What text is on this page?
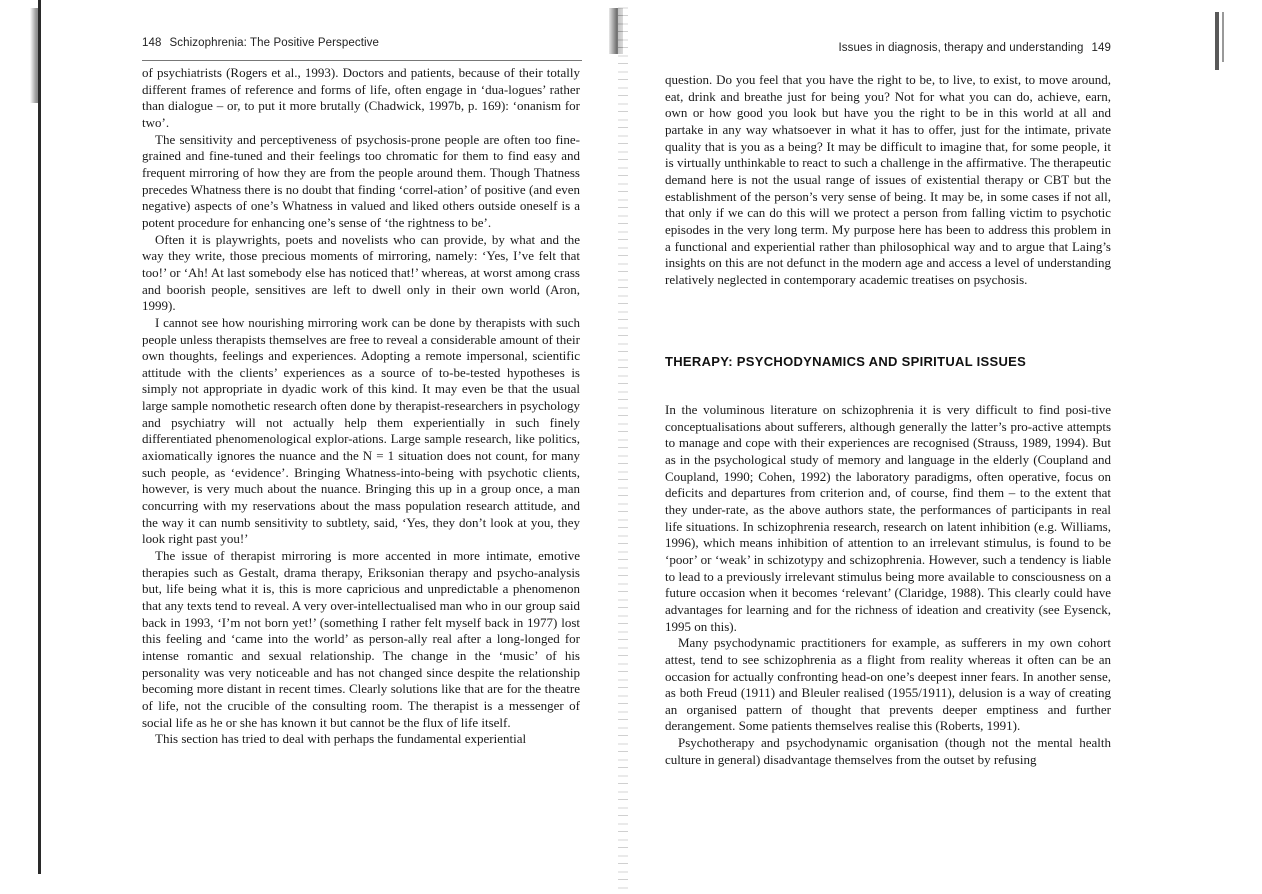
148 Schizophrenia: The Positive Perspective

of psychiatrists (Rogers et al., 1993). Doctors and patients, because of their totally different frames of reference and forms of life, often engage in ‘dua-logues’ rather than dialogue – or, to put it more brutally (Chadwick, 1997b, p. 169): ‘onanism for two’.

The sensitivity and perceptiveness of psychosis-prone people are often too fine-grained and fine-tuned and their feelings too chromatic for them to find easy and frequent mirroring of how they are from the people around them. Though Thatness precedes Whatness there is no doubt that finding ‘correl-ation’ of positive (and even negative) aspects of one’s Whatness in valued and liked others outside oneself is a potent procedure for enhancing one’s sense of ‘the rightness to be’.

Often it is playwrights, poets and novelists who can provide, by what and the way they write, those precious moments of mirroring, namely: ‘Yes, I’ve felt that too!’ or ‘Ah! At last somebody else has noticed that!’ whereas, at worst among crass and boorish people, sensitives are left to dwell only in their own world (Aron, 1999).

I cannot see how nourishing mirroring work can be done by therapists with such people unless therapists themselves are free to reveal a considerable amount of their own thoughts, feelings and experiences. Adopting a remote impersonal, scientific attitude with the clients’ experiences as a source of to-be-tested hypotheses is simply not appropriate in dyadic work of this kind. It may even be that the usual large sample nomothetic research often done by therapist-researchers in psychology and psychiatry will not actually help them experientially in such finely differentiated phenomenological explor-ations. Large sample research, like politics, axiomatically ignores the nuance and the N = 1 situation does not count, for many such people, as ‘evidence’. Bringing Whatness-into-being with psychotic clients, however, is very much about the nuance. Bringing this up in a group once, a man concurring with my reservations about the mass population research attitude, and the way it can numb sensitivity to subtlety, said, ‘Yes, they don’t look at you, they look right past you!’

The issue of therapist mirroring is more accented in more intimate, emotive therapies such as Gestalt, drama therapy, Eriksonian therapy and psycho-analysis but, life being what it is, this is more capricious and unpredictable a phenomenon that any texts tend to reveal. A very over-intellectualised man who in our group said back in 1993, ‘I’m not born yet!’ (something I rather felt myself back in 1977) lost this feeling and ‘came into the world’ as person-ally real after a long-longed for intense romantic and sexual relationship. The change in the ‘music’ of his personality was very noticeable and has not changed since despite the relationship becoming more distant in recent times. Clearly solutions like that are for the theatre of life, not the crucible of the consulting room. The therapist is a messenger of social life as he or she has known it but cannot be the flux of life itself.

This section has tried to deal with perhaps the fundamental experiential

Issues in diagnosis, therapy and understanding 149

question. Do you feel that you have the right to be, to live, to exist, to move around, eat, drink and breathe just for being you? Not for what you can do, achieve, earn, own or how good you look but have you the right to be in this world at all and partake in any way whatsoever in what it has to offer, just for the intimate, private quality that is you as a being? It may be difficult to imagine that, for some people, it is virtually unthinkable to react to such a challenge in the affirmative. The therapeutic demand here is not the usual range of issues of existential therapy or CBT but the establishment of the person’s very sense of being. It may be, in some cases if not all, that only if we can do this will we protect a person from falling victim to psychotic episodes in the very long term. My purpose here has been to address this problem in a functional and experiential rather than philosophical way and to argue that Laing’s insights on this are not defunct in the modern age and access a level of understanding relatively neglected in contemporary academic treatises on psychosis.

THERAPY: PSYCHODYNAMICS AND SPIRITUAL ISSUES

In the voluminous literature on schizophrenia it is very difficult to find posi-tive conceptualisations about sufferers, although generally the latter’s pro-active attempts to manage and cope with their experiences are recognised (Strauss, 1989, 1994). But as in the psychological study of memory and language in the elderly (Coupland and Coupland, 1990; Cohen, 1992) the laboratory paradigms, often operative, focus on deficits and departures from criterion and, of course, find them – to the extent that they under-rate, as the above authors state, the performances of participants in real life situations. In schizophrenia research, research on latent inhibition (e.g. Williams, 1996), which means inhibition of attention to an irrelevant stimulus, is found to be ‘poor’ or ‘weak’ in schizotypy and schizophrenia. However, such a tendency is liable to lead to a previously irrelevant stimulus being more available to consciousness on a future occasion when it becomes ‘relevant’ (Claridge, 1988). This clearly could have advantages for learning and for the richness of ideation and creativity (see Eysenck, 1995 on this).

Many psychodynamic practitioners for example, as sufferers in my own cohort attest, tend to see schizophrenia as a flight from reality whereas it often can be an occasion for actually confronting head-on one’s deepest inner fears. In another sense, as both Freud (1911) and Bleuler realised (1955/1911), delusion is a way of creating an organised pattern of thought that prevents deeper emptiness and further derangement. Some patients themselves realise this (Roberts, 1991).

Psychotherapy and psychodynamic organisation (though not the mental health culture in general) disadvantage themselves from the outset by refusing
